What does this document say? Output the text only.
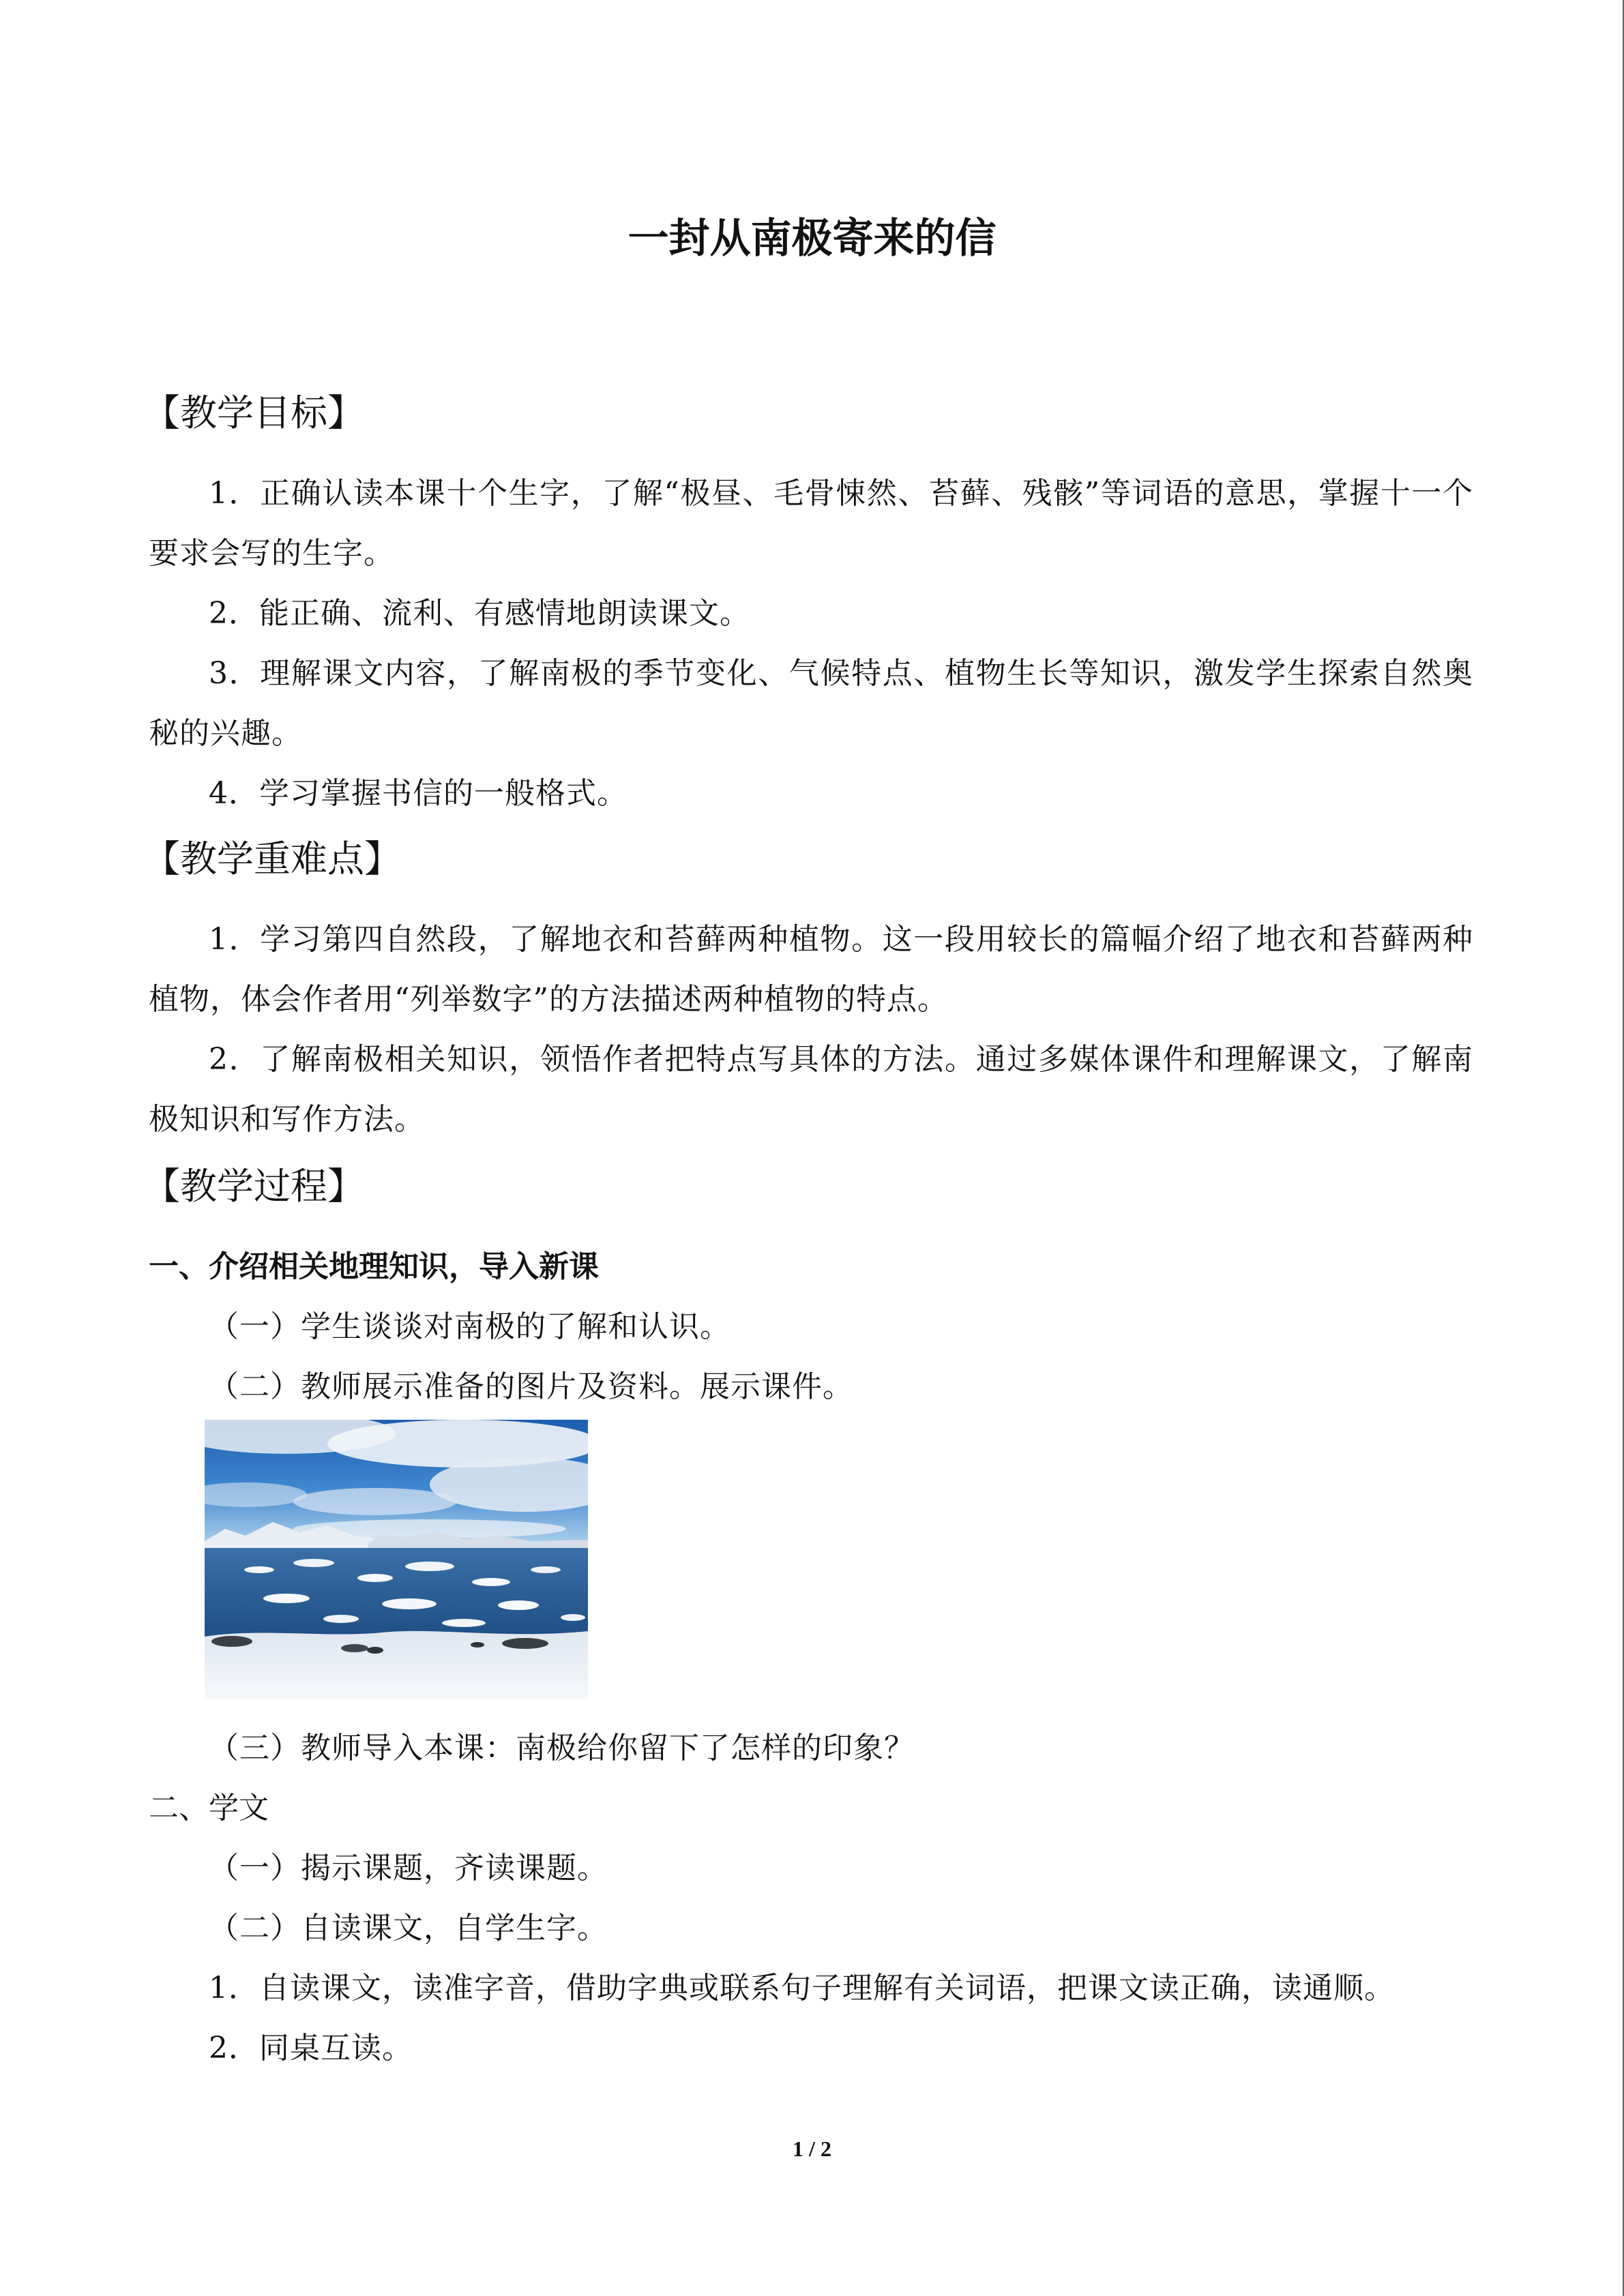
一封从南极寄来的信
【教学目标】
1．正确认读本课十个生字，了解“极昼、毛骨悚然、苔藓、残骸”等词语的意思，掌握十一个要求会写的生字。
2．能正确、流利、有感情地朗读课文。
3．理解课文内容，了解南极的季节变化、气候特点、植物生长等知识，激发学生探索自然奥秘的兴趣。
4．学习掌握书信的一般格式。
【教学重难点】
1．学习第四自然段，了解地衣和苔藓两种植物。这一段用较长的篇幅介绍了地衣和苔藓两种植物，体会作者用“列举数字”的方法描述两种植物的特点。
2．了解南极相关知识，领悟作者把特点写具体的方法。通过多媒体课件和理解课文，了解南极知识和写作方法。
【教学过程】
一、介绍相关地理知识，导入新课
（一）学生谈谈对南极的了解和认识。
（二）教师展示准备的图片及资料。展示课件。
（三）教师导入本课：南极给你留下了怎样的印象？
二、学文
（一）揭示课题，齐读课题。
（二）自读课文，自学生字。
1．自读课文，读准字音，借助字典或联系句子理解有关词语，把课文读正确，读通顺。
2．同桌互读。
1 / 2
